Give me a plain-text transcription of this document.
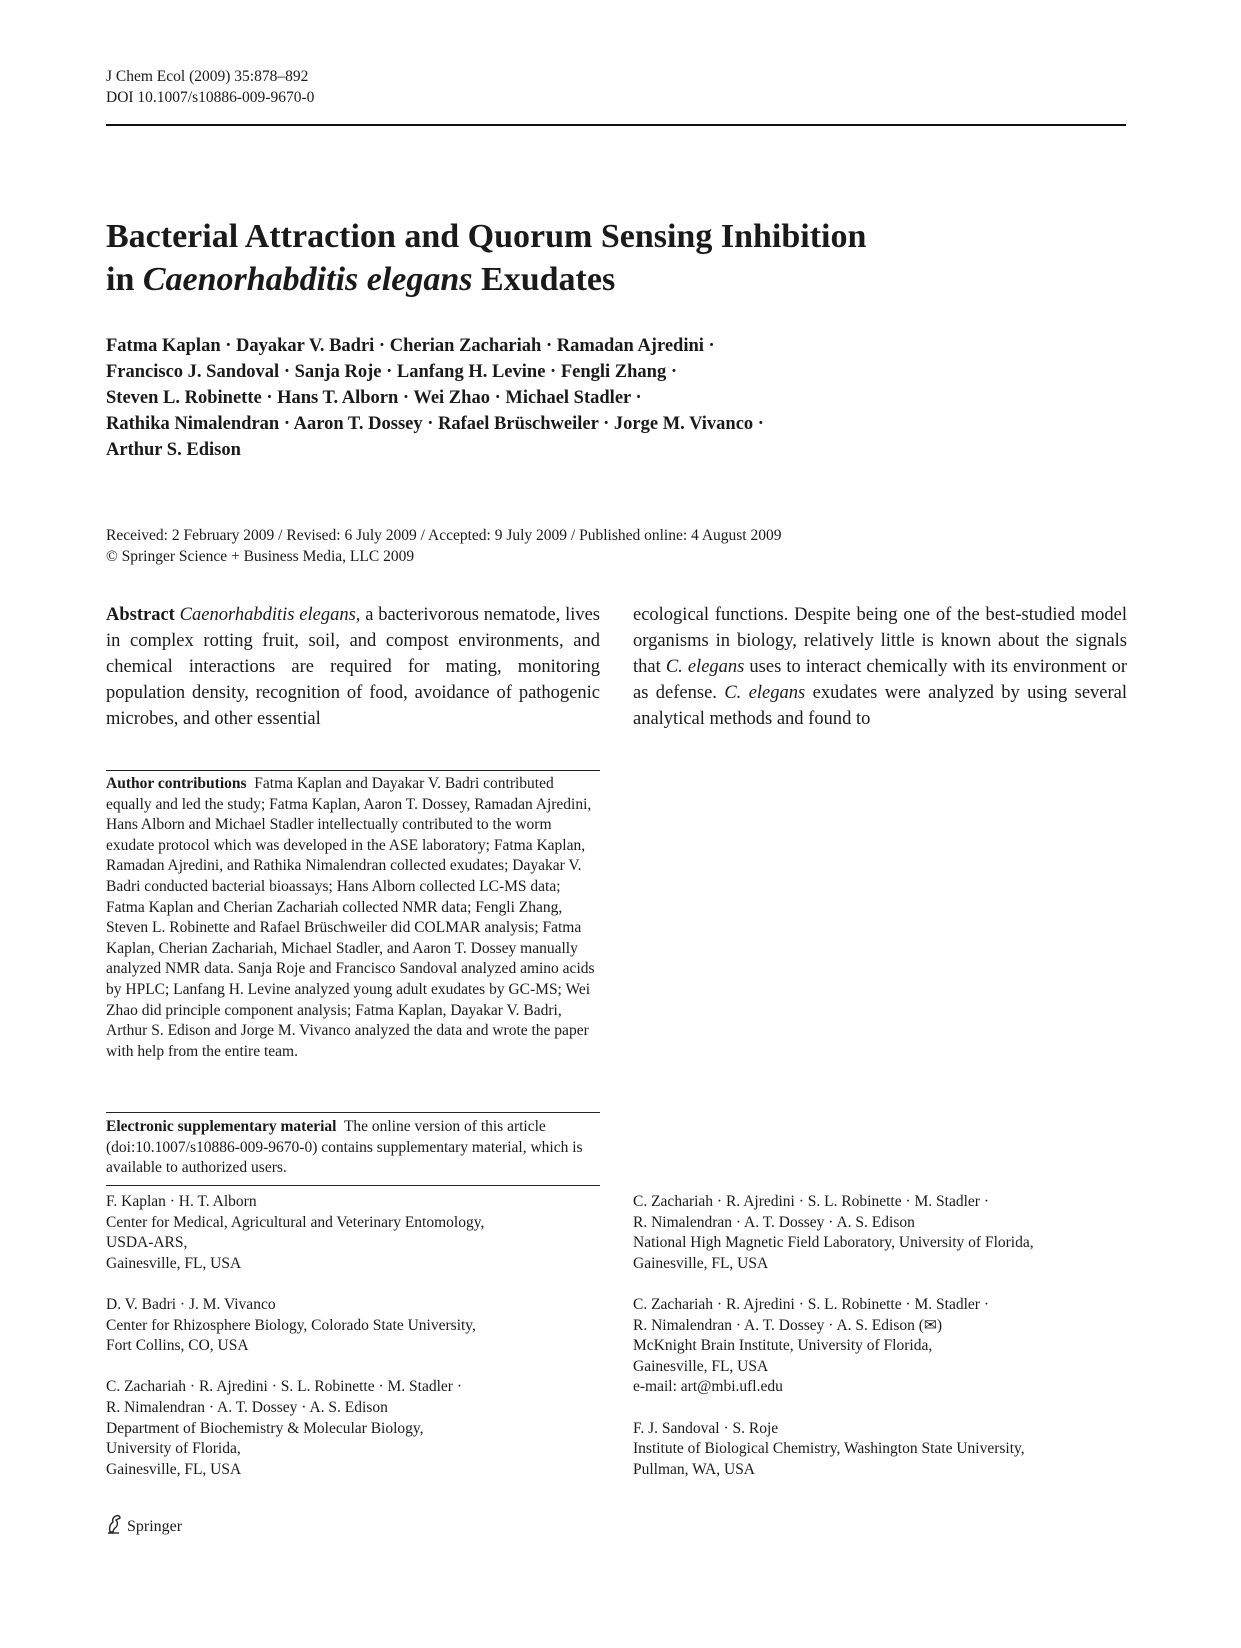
J Chem Ecol (2009) 35:878–892
DOI 10.1007/s10886-009-9670-0
Bacterial Attraction and Quorum Sensing Inhibition
in Caenorhabditis elegans Exudates
Fatma Kaplan · Dayakar V. Badri · Cherian Zachariah · Ramadan Ajredini ·
Francisco J. Sandoval · Sanja Roje · Lanfang H. Levine · Fengli Zhang ·
Steven L. Robinette · Hans T. Alborn · Wei Zhao · Michael Stadler ·
Rathika Nimalendran · Aaron T. Dossey · Rafael Brüschweiler · Jorge M. Vivanco ·
Arthur S. Edison
Received: 2 February 2009 / Revised: 6 July 2009 / Accepted: 9 July 2009 / Published online: 4 August 2009
© Springer Science + Business Media, LLC 2009
Abstract Caenorhabditis elegans, a bacterivorous nematode, lives in complex rotting fruit, soil, and compost environments, and chemical interactions are required for mating, monitoring population density, recognition of food, avoidance of pathogenic microbes, and other essential
ecological functions. Despite being one of the best-studied model organisms in biology, relatively little is known about the signals that C. elegans uses to interact chemically with its environment or as defense. C. elegans exudates were analyzed by using several analytical methods and found to
Author contributions Fatma Kaplan and Dayakar V. Badri contributed equally and led the study; Fatma Kaplan, Aaron T. Dossey, Ramadan Ajredini, Hans Alborn and Michael Stadler intellectually contributed to the worm exudate protocol which was developed in the ASE laboratory; Fatma Kaplan, Ramadan Ajredini, and Rathika Nimalendran collected exudates; Dayakar V. Badri conducted bacterial bioassays; Hans Alborn collected LC-MS data; Fatma Kaplan and Cherian Zachariah collected NMR data; Fengli Zhang, Steven L. Robinette and Rafael Brüschweiler did COLMAR analysis; Fatma Kaplan, Cherian Zachariah, Michael Stadler, and Aaron T. Dossey manually analyzed NMR data. Sanja Roje and Francisco Sandoval analyzed amino acids by HPLC; Lanfang H. Levine analyzed young adult exudates by GC-MS; Wei Zhao did principle component analysis; Fatma Kaplan, Dayakar V. Badri, Arthur S. Edison and Jorge M. Vivanco analyzed the data and wrote the paper with help from the entire team.
Electronic supplementary material The online version of this article (doi:10.1007/s10886-009-9670-0) contains supplementary material, which is available to authorized users.

F. Kaplan · H. T. Alborn
Center for Medical, Agricultural and Veterinary Entomology,
USDA-ARS,
Gainesville, FL, USA

D. V. Badri · J. M. Vivanco
Center for Rhizosphere Biology, Colorado State University,
Fort Collins, CO, USA

C. Zachariah · R. Ajredini · S. L. Robinette · M. Stadler ·
R. Nimalendran · A. T. Dossey · A. S. Edison
Department of Biochemistry & Molecular Biology,
University of Florida,
Gainesville, FL, USA

C. Zachariah · R. Ajredini · S. L. Robinette · M. Stadler ·
R. Nimalendran · A. T. Dossey · A. S. Edison
National High Magnetic Field Laboratory, University of Florida,
Gainesville, FL, USA

C. Zachariah · R. Ajredini · S. L. Robinette · M. Stadler ·
R. Nimalendran · A. T. Dossey · A. S. Edison (✉)
McKnight Brain Institute, University of Florida,
Gainesville, FL, USA
e-mail: art@mbi.ufl.edu

F. J. Sandoval · S. Roje
Institute of Biological Chemistry, Washington State University,
Pullman, WA, USA

Springer
